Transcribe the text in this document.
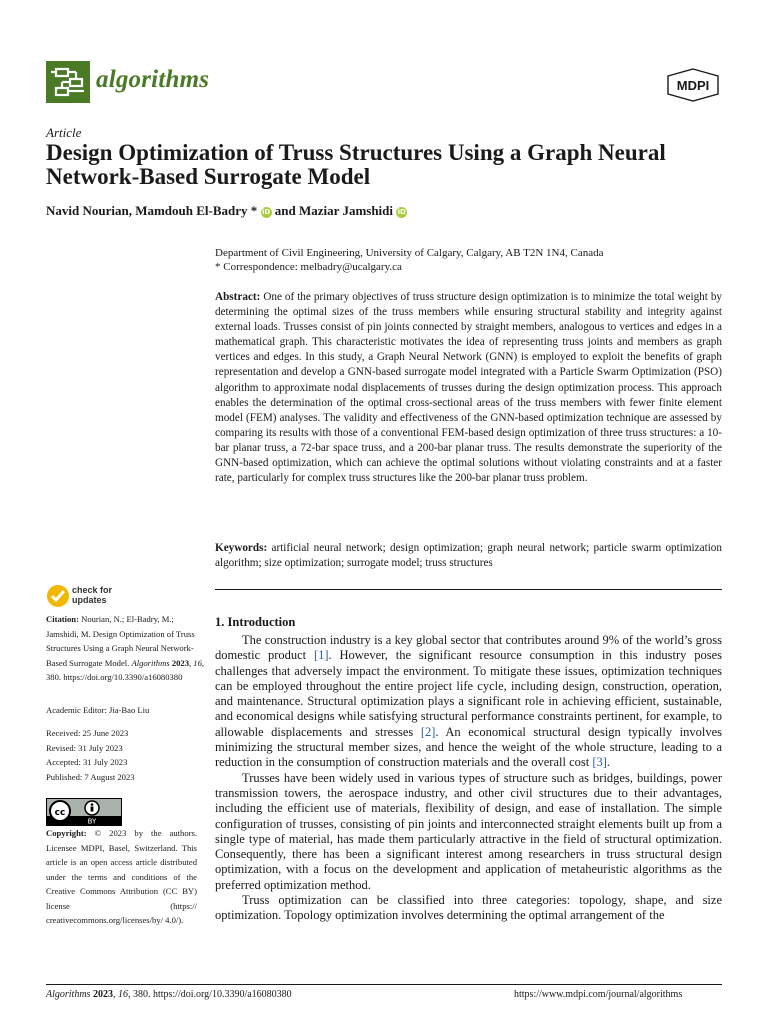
algorithms	MDPI
Article
Design Optimization of Truss Structures Using a Graph Neural Network-Based Surrogate Model
Navid Nourian, Mamdouh El-Badry * iD and Maziar Jamshidi iD
Department of Civil Engineering, University of Calgary, Calgary, AB T2N 1N4, Canada
* Correspondence: melbadry@ucalgary.ca
Abstract: One of the primary objectives of truss structure design optimization is to minimize the total weight by determining the optimal sizes of the truss members while ensuring structural stability and integrity against external loads. Trusses consist of pin joints connected by straight members, analogous to vertices and edges in a mathematical graph. This characteristic motivates the idea of representing truss joints and members as graph vertices and edges. In this study, a Graph Neural Network (GNN) is employed to exploit the benefits of graph representation and develop a GNN-based surrogate model integrated with a Particle Swarm Optimization (PSO) algorithm to approximate nodal displacements of trusses during the design optimization process. This approach enables the determination of the optimal cross-sectional areas of the truss members with fewer finite element model (FEM) analyses. The validity and effectiveness of the GNN-based optimization technique are assessed by comparing its results with those of a conventional FEM-based design optimization of three truss structures: a 10-bar planar truss, a 72-bar space truss, and a 200-bar planar truss. The results demonstrate the superiority of the GNN-based optimization, which can achieve the optimal solutions without violating constraints and at a faster rate, particularly for complex truss structures like the 200-bar planar truss problem.
Keywords: artificial neural network; design optimization; graph neural network; particle swarm optimization algorithm; size optimization; surrogate model; truss structures
check for
updates
Citation: Nourian, N.; El-Badry, M.; Jamshidi, M. Design Optimization of Truss Structures Using a Graph Neural Network-Based Surrogate Model. Algorithms 2023, 16, 380. https://doi.org/10.3390/a16080380
Academic Editor: Jia-Bao Liu
Received: 25 June 2023
Revised: 31 July 2023
Accepted: 31 July 2023
Published: 7 August 2023
cc
BY
Copyright: © 2023 by the authors. Licensee MDPI, Basel, Switzerland. This article is an open access article distributed under the terms and conditions of the Creative Commons Attribution (CC BY) license (https:// creativecommons.org/licenses/by/ 4.0/).
1. Introduction

The construction industry is a key global sector that contributes around 9% of the world’s gross domestic product [1]. However, the significant resource consumption in this industry poses challenges that adversely impact the environment. To mitigate these issues, optimization techniques can be employed throughout the entire project life cycle, including design, construction, operation, and maintenance. Structural optimization plays a significant role in achieving efficient, sustainable, and economical designs while satisfying structural performance constraints pertinent, for example, to allowable displacements and stresses [2]. An economical structural design typically involves minimizing the structural member sizes, and hence the weight of the whole structure, leading to a reduction in the consumption of construction materials and the overall cost [3].

Trusses have been widely used in various types of structure such as bridges, buildings, power transmission towers, the aerospace industry, and other civil structures due to their advantages, including the efficient use of materials, flexibility of design, and ease of installation. The simple configuration of trusses, consisting of pin joints and interconnected straight elements built up from a single type of material, has made them particularly attractive in the field of structural optimization. Consequently, there has been a significant interest among researchers in truss structural design optimization, with a focus on the development and application of metaheuristic algorithms as the preferred optimization method.

Truss optimization can be classified into three categories: topology, shape, and size optimization. Topology optimization involves determining the optimal arrangement of the

Algorithms 2023, 16, 380. https://doi.org/10.3390/a16080380	https://www.mdpi.com/journal/algorithms
